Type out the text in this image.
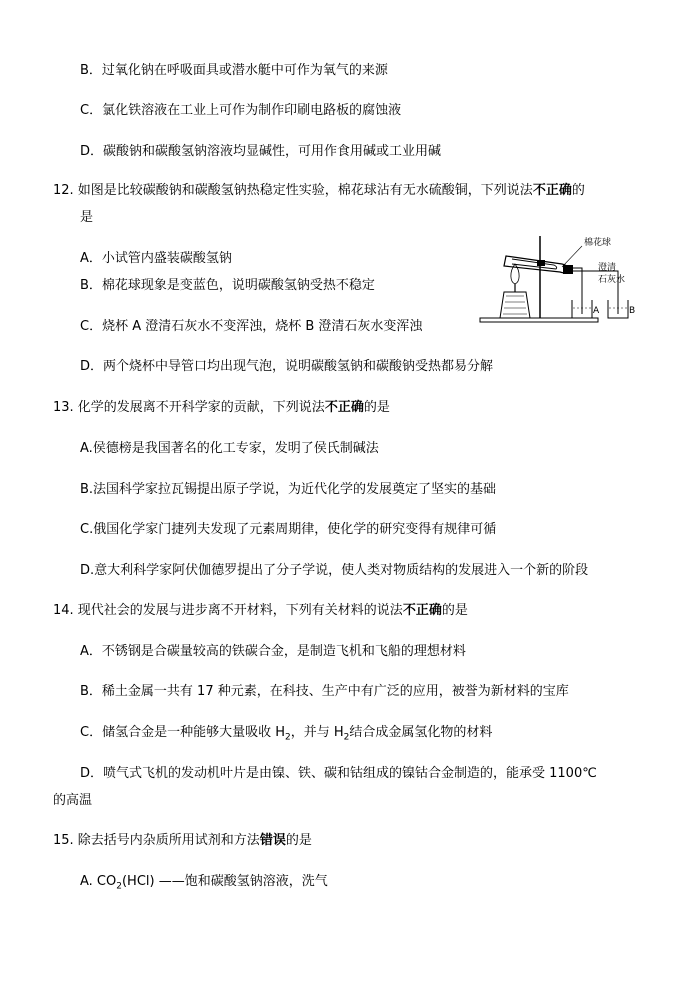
B．过氧化钠在呼吸面具或潜水艇中可作为氧气的来源
C．氯化铁溶液在工业上可作为制作印刷电路板的腐蚀液
D．碳酸钠和碳酸氢钠溶液均显碱性，可用作食用碱或工业用碱
12. 如图是比较碳酸钠和碳酸氢钠热稳定性实验，棉花球沾有无水硫酸铜，下列说法不正确的
是
A．小试管内盛装碳酸氢钠
B．棉花球现象是变蓝色，说明碳酸氢钠受热不稳定
C．烧杯 A 澄清石灰水不变浑浊，烧杯 B 澄清石灰水变浑浊
D．两个烧杯中导管口均出现气泡，说明碳酸氢钠和碳酸钠受热都易分解
棉花球
澄清
石灰水
A	B
13. 化学的发展离不开科学家的贡献，下列说法不正确的是
A.侯德榜是我国著名的化工专家，发明了侯氏制碱法
B.法国科学家拉瓦锡提出原子学说，为近代化学的发展奠定了坚实的基础
C.俄国化学家门捷列夫发现了元素周期律，使化学的研究变得有规律可循
D.意大利科学家阿伏伽德罗提出了分子学说，使人类对物质结构的发展进入一个新的阶段
14. 现代社会的发展与进步离不开材料，下列有关材料的说法不正确的是
A．不锈钢是合碳量较高的铁碳合金，是制造飞机和飞船的理想材料
B．稀土金属一共有 17 种元素，在科技、生产中有广泛的应用，被誉为新材料的宝库
C．储氢合金是一种能够大量吸收 $H_2$，并与 $H_2$结合成金属氢化物的材料
D．喷气式飞机的发动机叶片是由镍、铁、碳和钴组成的镍钴合金制造的，能承受 1100℃
的高温
15. 除去括号内杂质所用试剂和方法错误的是
A. $CO_2(HCl)$ ——饱和碳酸氢钠溶液，洗气
